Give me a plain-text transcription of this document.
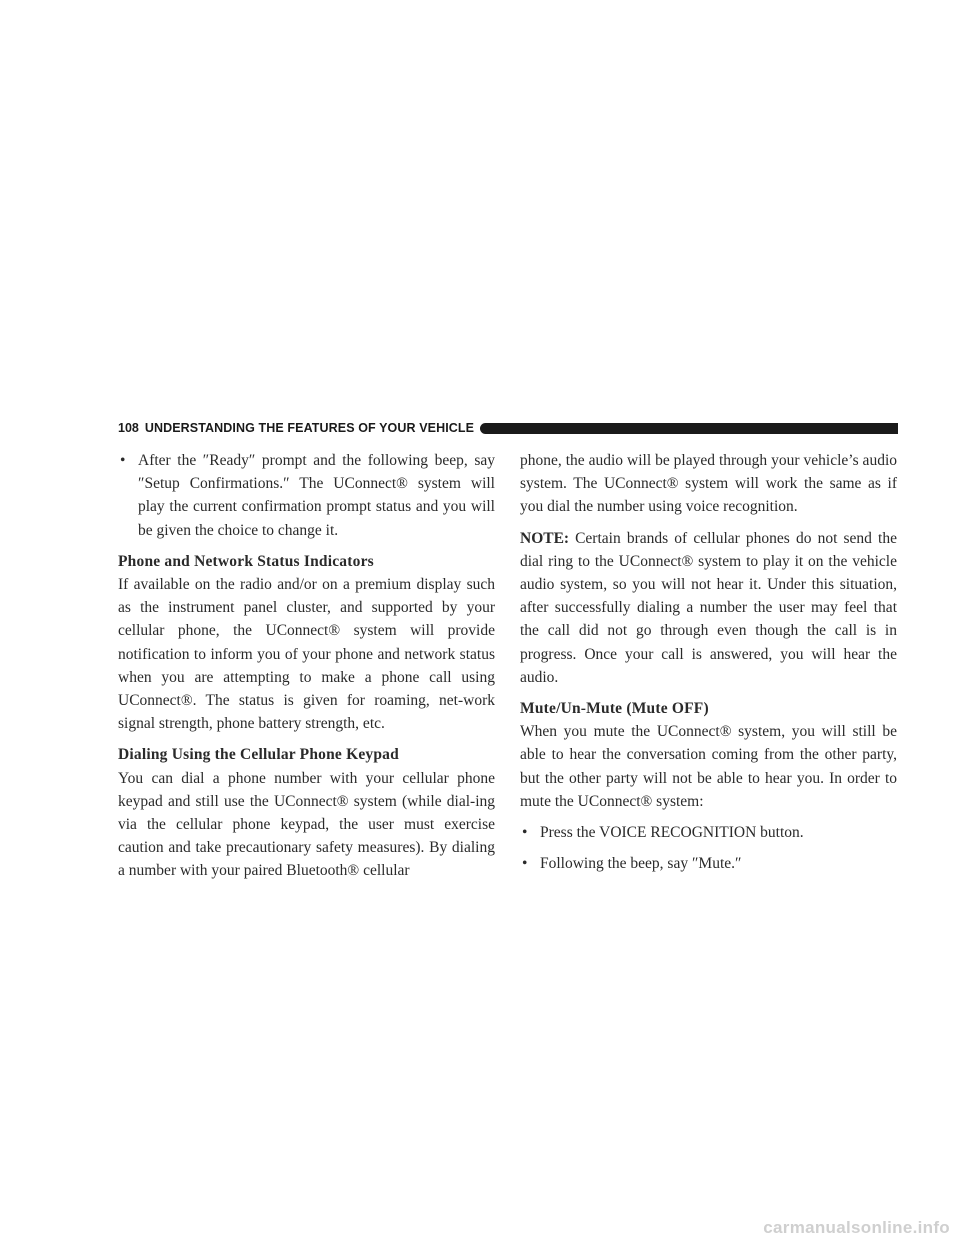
108 UNDERSTANDING THE FEATURES OF YOUR VEHICLE
• After the ″Ready″ prompt and the following beep, say ″Setup Confirmations.″ The UConnect® system will play the current confirmation prompt status and you will be given the choice to change it.

Phone and Network Status Indicators

If available on the radio and/or on a premium display such as the instrument panel cluster, and supported by your cellular phone, the UConnect® system will provide notification to inform you of your phone and network status when you are attempting to make a phone call using UConnect®. The status is given for roaming, net-work signal strength, phone battery strength, etc.

Dialing Using the Cellular Phone Keypad

You can dial a phone number with your cellular phone keypad and still use the UConnect® system (while dial-ing via the cellular phone keypad, the user must exercise caution and take precautionary safety measures). By dialing a number with your paired Bluetooth® cellular

phone, the audio will be played through your vehicle’s audio system. The UConnect® system will work the same as if you dial the number using voice recognition.

NOTE: Certain brands of cellular phones do not send the dial ring to the UConnect® system to play it on the vehicle audio system, so you will not hear it. Under this situation, after successfully dialing a number the user may feel that the call did not go through even though the call is in progress. Once your call is answered, you will hear the audio.

Mute/Un-Mute (Mute OFF)

When you mute the UConnect® system, you will still be able to hear the conversation coming from the other party, but the other party will not be able to hear you. In order to mute the UConnect® system:

• Press the VOICE RECOGNITION button.
• Following the beep, say ″Mute.″
carmanualsonline.info
